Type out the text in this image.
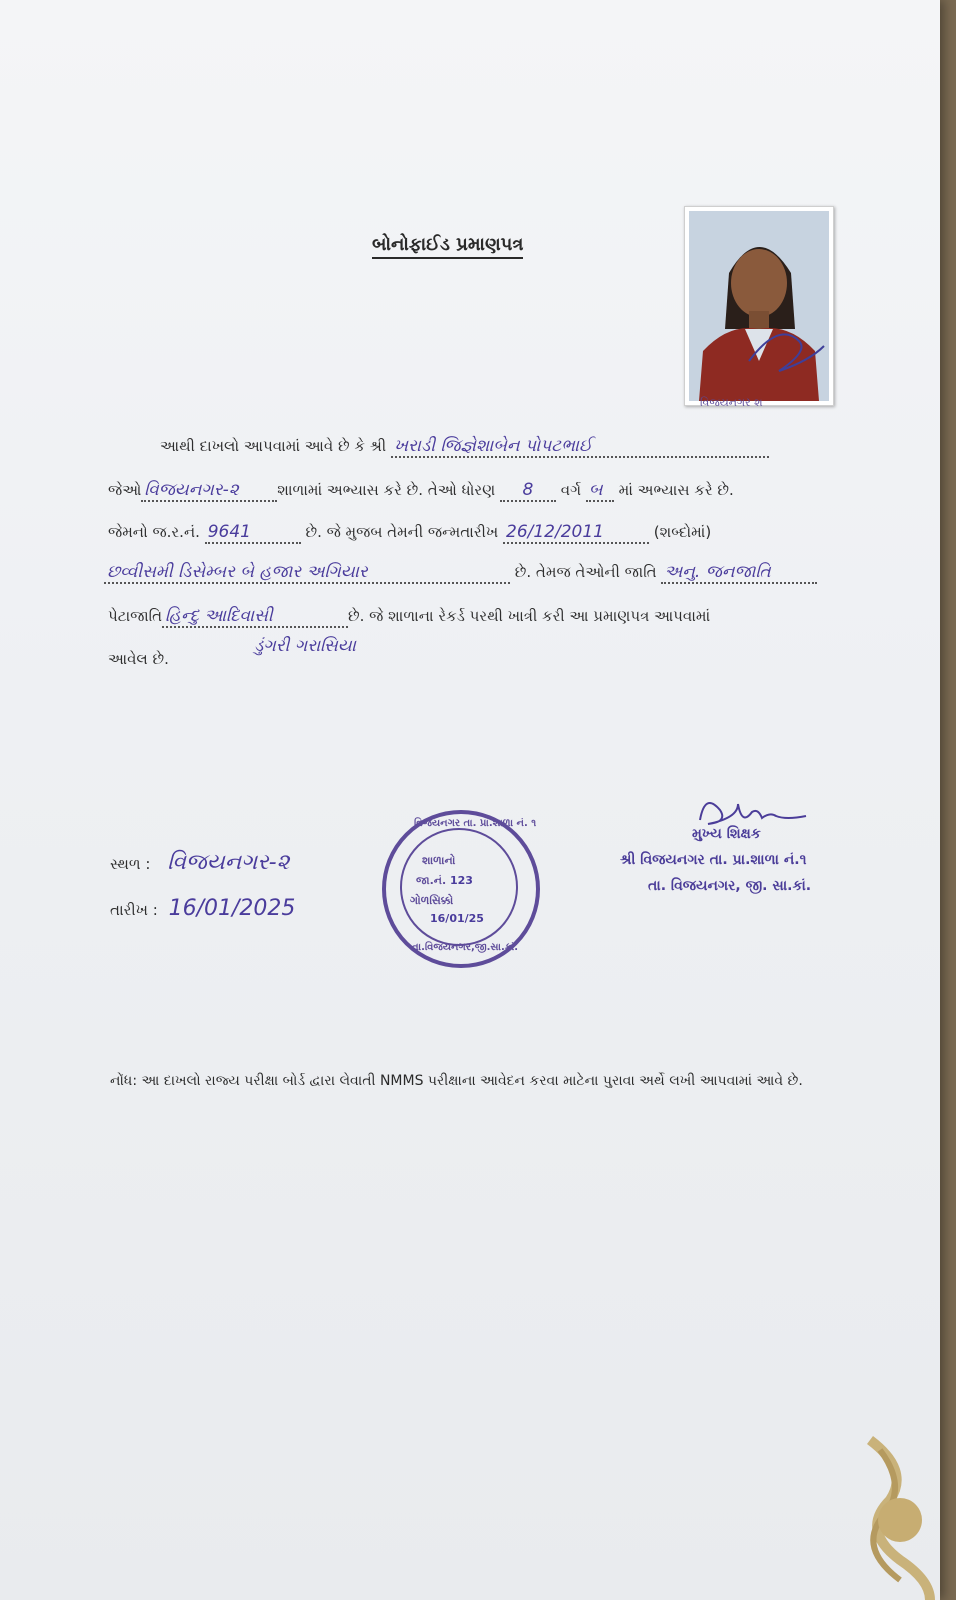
બોનોફાઈડ પ્રમાણપત્ર
વિજયનગર શ
આથી દાખલો આપવામાં આવે છે કે શ્રી ખરાડી જિજ્ઞેશાબેન પોપટભાઈ
જેઓ વિજયનગર-૨	શાળામાં અભ્યાસ કરે છે. તેઓ ધોરણ 8 વર્ગ બ માં અભ્યાસ કરે છે.
જેમનો જ.ર.નં. 9641	છે. જે મુજબ તેમની જન્મતારીખ 26/12/2011	(શબ્દોમાં)
છવ્વીસમી ડિસેમ્બર બે હજાર અગિયાર	છે. તેમજ તેઓની જાતિ અનુ. જનજાતિ
પેટાજાતિ હિન્દુ આદિવાસી	છે. જે શાળાના રેકર્ડ પરથી ખાત્રી કરી આ પ્રમાણપત્ર આપવામાં
આવેલ છે.
ડુંગરી ગરાસિયા
સ્થળ : વિજયનગર-૨
તારીખ : 16/01/2025
વિજયનગર તા. પ્રા.શાળા નં. ૧
શાળાનો
જા.નં. 123
ગોળસિક્કો
16/01/25
તા.વિજયનગર,જી.સા.કાં.
મુખ્ય શિક્ષક
શ્રી વિજયનગર તા. પ્રા.શાળા નં.૧
તા. વિજયનગર, જી. સા.કાં.
નોંધ: આ દાખલો રાજ્ય પરીક્ષા બોર્ડ દ્વારા લેવાતી NMMS પરીક્ષાના આવેદન કરવા માટેના પુરાવા અર્થે લખી આપવામાં આવે છે.
